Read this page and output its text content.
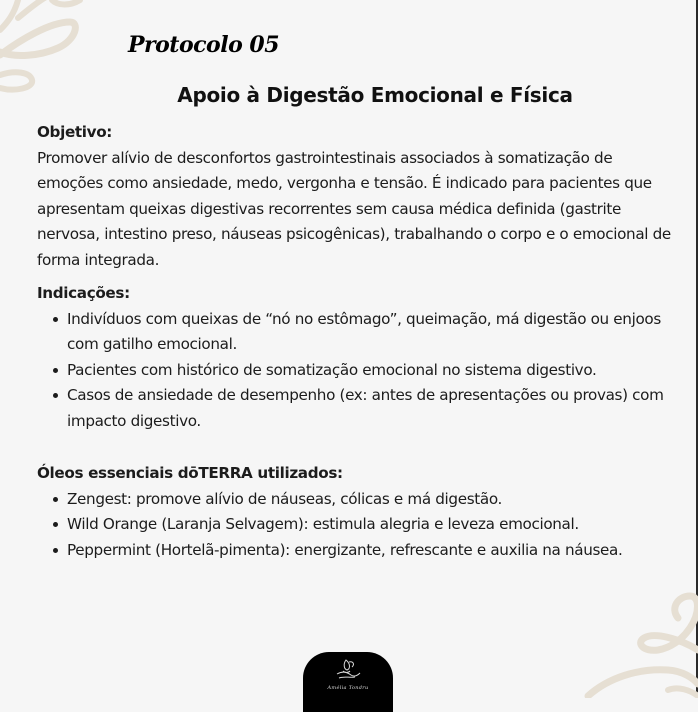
Protocolo 05
Apoio à Digestão Emocional e Física

Objetivo:

Promover alívio de desconfortos gastrointestinais associados à somatização de emoções como ansiedade, medo, vergonha e tensão. É indicado para pacientes que apresentam queixas digestivas recorrentes sem causa médica definida (gastrite nervosa, intestino preso, náuseas psicogênicas), trabalhando o corpo e o emocional de forma integrada.

Indicações:

Indivíduos com queixas de “nó no estômago”, queimação, má digestão ou enjoos com gatilho emocional.
Pacientes com histórico de somatização emocional no sistema digestivo.
Casos de ansiedade de desempenho (ex: antes de apresentações ou provas) com impacto digestivo.

Óleos essenciais dōTERRA utilizados:

Zengest: promove alívio de náuseas, cólicas e má digestão.
Wild Orange (Laranja Selvagem): estimula alegria e leveza emocional.
Peppermint (Hortelã-pimenta): energizante, refrescante e auxilia na náusea.
Amélia Tondru
